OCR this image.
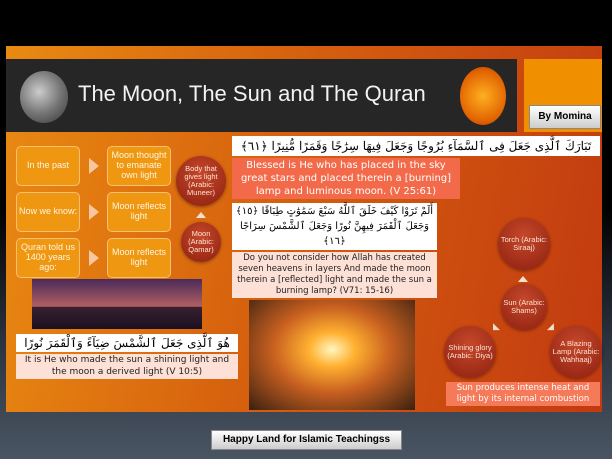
The Moon, The Sun and The Quran
In the past
Moon thought to emanate own light
Now we know:	Moon reflects light
Quran told us 1400 years ago:
Moon reflects light
Body that gives light (Arabic: Muneer)
Moon (Arabic: Qamar)
تَبَارَكَ ٱلَّذِى جَعَلَ فِى ٱلسَّمَآءِ بُرُوجًا وَجَعَلَ فِيهَا سِرَٰجًا وَقَمَرًا مُّنِيرًا ﴿٦١﴾
Blessed is He who has placed in the sky great stars and placed therein a [burning] lamp and luminous moon. (V 25:61)
أَلَمْ تَرَوْا كَيْفَ خَلَقَ ٱللَّهُ سَبْعَ سَمَٰوَٰتٍ طِبَاقًا ﴿١٥﴾
وَجَعَلَ ٱلْقَمَرَ فِيهِنَّ نُورًا وَجَعَلَ ٱلشَّمْسَ سِرَاجًا ﴿١٦﴾
Do you not consider how Allah has created seven heavens in layers And made the moon therein a [reflected] light and made the sun a burning lamp? (V71: 15-16)
هُوَ ٱلَّذِى جَعَلَ ٱلشَّمْسَ ضِيَآءً وَٱلْقَمَرَ نُورًا
It is He who made the sun a shining light and the moon a derived light (V 10:5)
Torch (Arabic: Siraaj)
Sun (Arabic: Shams)
◣	◢
Shining glory (Arabic: Diya)
A Blazing Lamp (Arabic: Wahhaaj)
Sun produces intense heat and light by its internal combustion
By Momina
Happy Land for Islamic Teachingss
